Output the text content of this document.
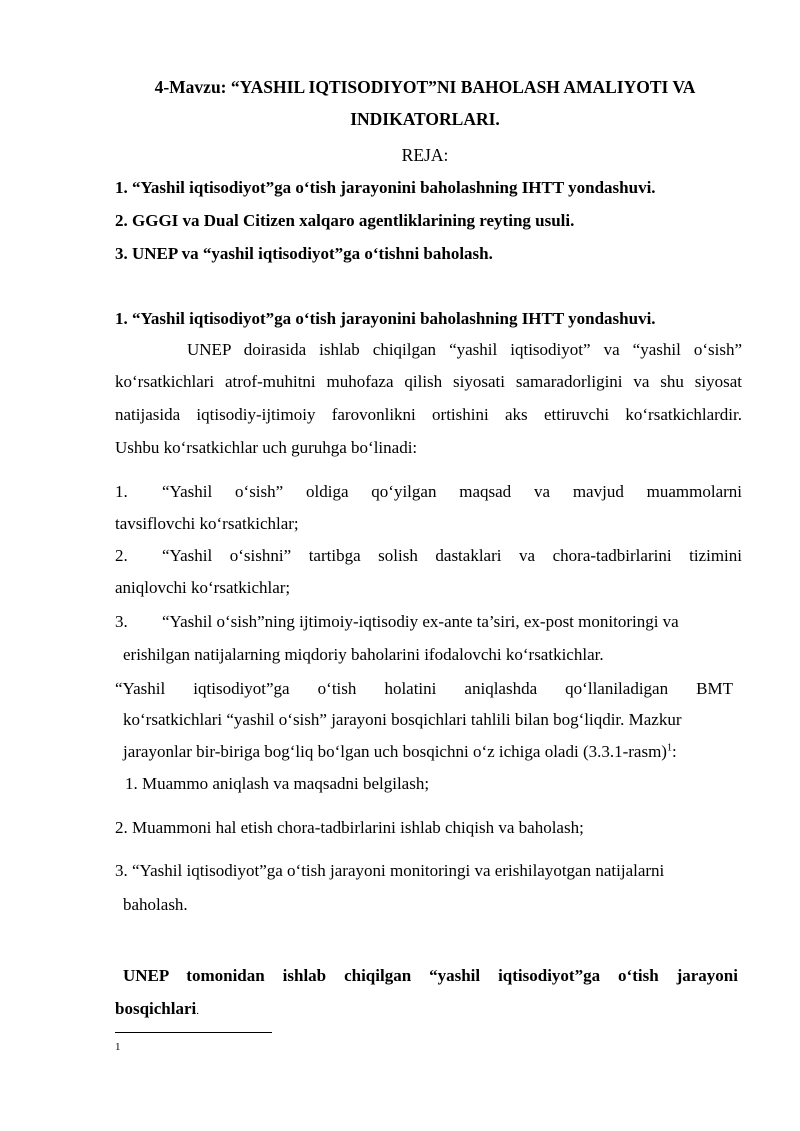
4-Mavzu: “YASHIL IQTISODIYOT”NI BAHOLASH AMALIYOTI VA
INDIKATORLARI.
REJA:
1. “Yashil iqtisodiyot”ga o‘tish jarayonini baholashning IHTT yondashuvi.
2. GGGI va Dual Citizen xalqaro agentliklarining reyting usuli.
3. UNEP va “yashil iqtisodiyot”ga o‘tishni baholash.
1. “Yashil iqtisodiyot”ga o‘tish jarayonini baholashning IHTT yondashuvi.
UNEP doirasida ishlab chiqilgan “yashil iqtisodiyot” va “yashil o‘sish”
ko‘rsatkichlari atrof-muhitni muhofaza qilish siyosati samaradorligini va shu siyosat
natijasida iqtisodiy-ijtimoiy farovonlikni ortishini aks ettiruvchi ko‘rsatkichlardir.
Ushbu ko‘rsatkichlar uch guruhga bo‘linadi:
1. “Yashil o‘sish” oldiga qo‘yilgan maqsad va mavjud muammolarni
tavsiflovchi ko‘rsatkichlar;
2. “Yashil o‘sishni” tartibga solish dastaklari va chora-tadbirlarini tizimini
aniqlovchi ko‘rsatkichlar;
3. “Yashil o‘sish”ning ijtimoiy-iqtisodiy ex-ante ta’siri, ex-post monitoringi va
erishilgan natijalarning miqdoriy baholarini ifodalovchi ko‘rsatkichlar.
“Yashil iqtisodiyot”ga o‘tish holatini aniqlashda qo‘llaniladigan BMT
ko‘rsatkichlari “yashil o‘sish” jarayoni bosqichlari tahlili bilan bog‘liqdir. Mazkur
jarayonlar bir-biriga bog‘liq bo‘lgan uch bosqichni o‘z ichiga oladi (3.3.1-rasm)$^1$:
1. Muammo aniqlash va maqsadni belgilash;
2. Muammoni hal etish chora-tadbirlarini ishlab chiqish va baholash;
3. “Yashil iqtisodiyot”ga o‘tish jarayoni monitoringi va erishilayotgan natijalarni
baholash.
UNEP tomonidan ishlab chiqilgan “yashil iqtisodiyot”ga o‘tish jarayoni
bosqichlari.
1
